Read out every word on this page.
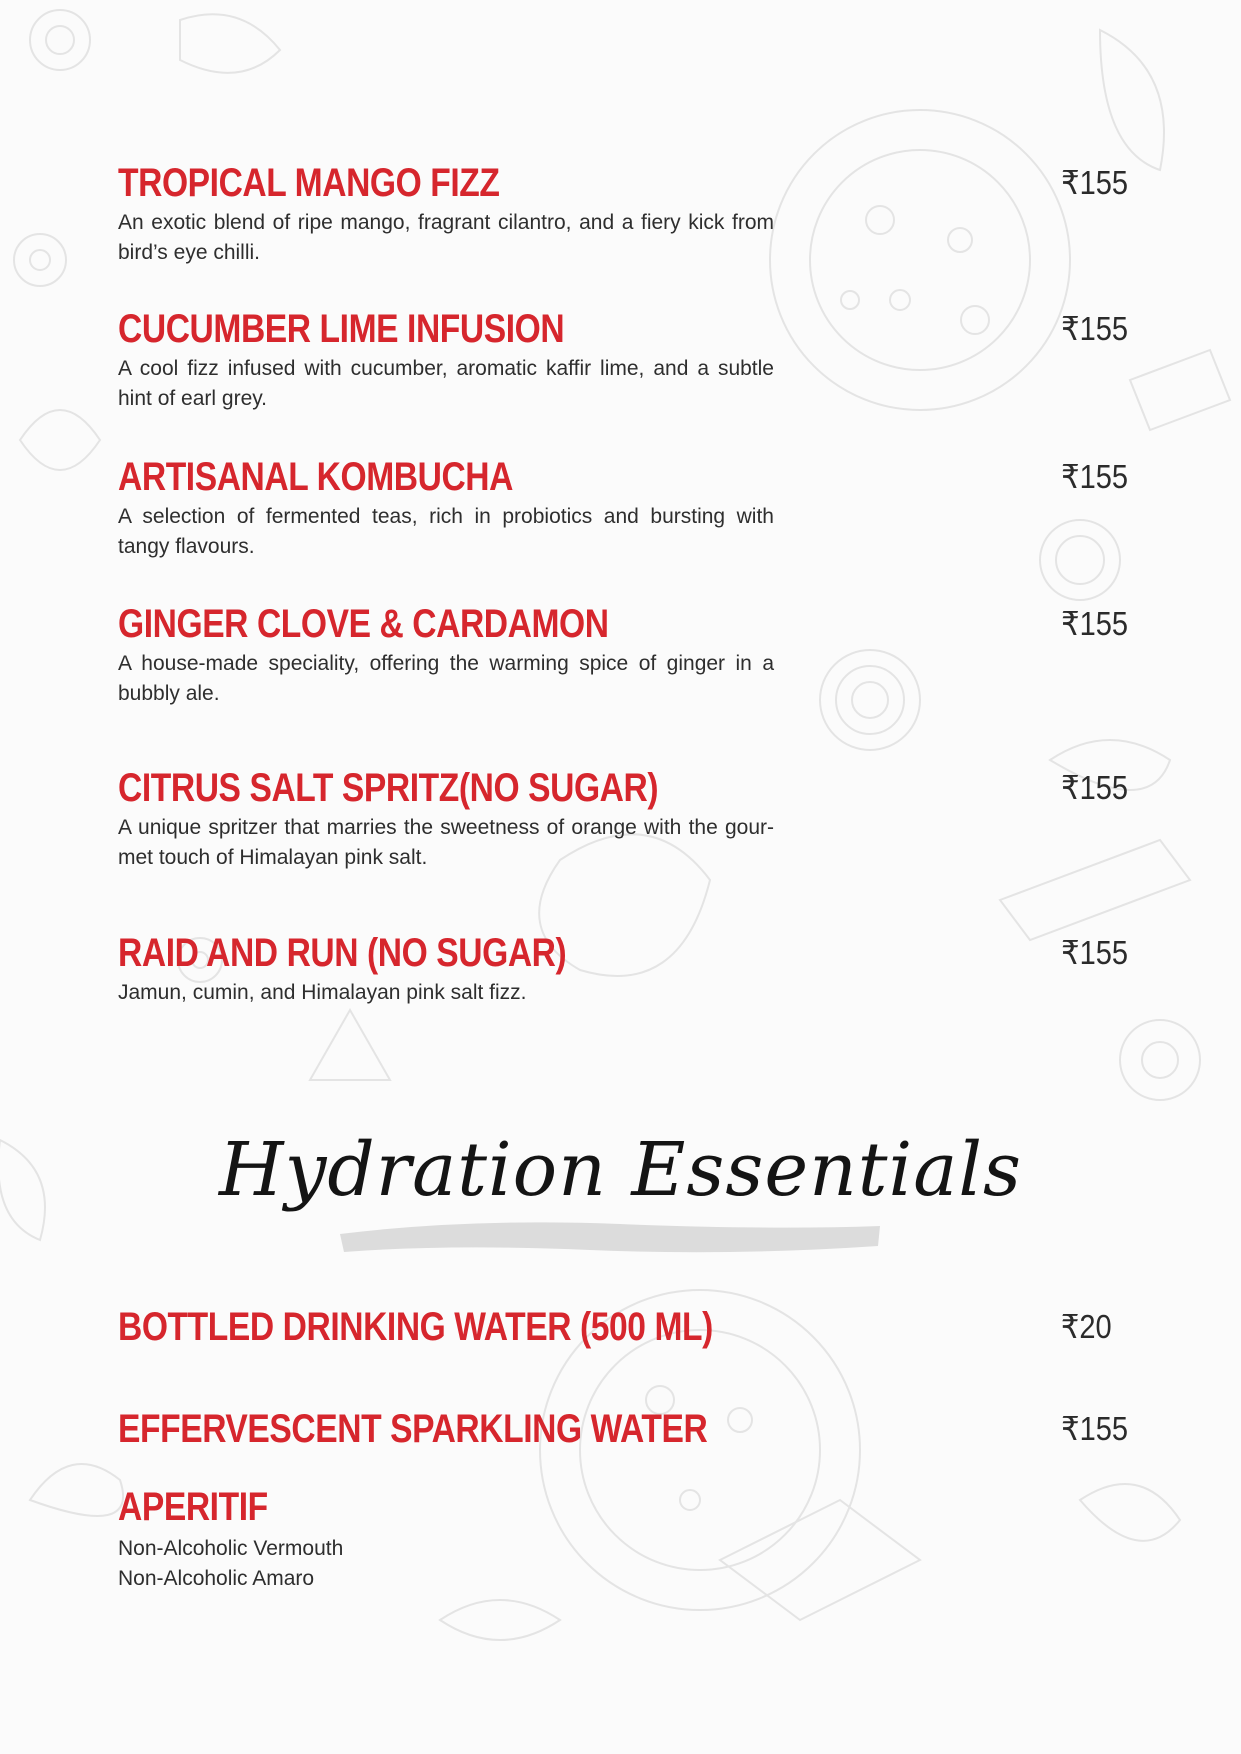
TROPICAL MANGO FIZZ
An exotic blend of ripe mango, fragrant cilantro, and a fiery kick from bird’s eye chilli.
₹155
CUCUMBER LIME INFUSION
A cool fizz infused with cucumber, aromatic kaffir lime, and a subtle hint of earl grey.
₹155
ARTISANAL KOMBUCHA
A selection of fermented teas, rich in probiotics and bursting with tangy flavours.
₹155
GINGER CLOVE & CARDAMON
A house-made speciality, offering the warming spice of ginger in a bubbly ale.
₹155
CITRUS SALT SPRITZ(NO SUGAR)
A unique spritzer that marries the sweetness of orange with the gour-met touch of Himalayan pink salt.
₹155
RAID AND RUN (NO SUGAR)
Jamun, cumin, and Himalayan pink salt fizz.
₹155
Hydration Essentials
BOTTLED DRINKING WATER (500 ML)	₹20
EFFERVESCENT SPARKLING WATER	₹155
APERITIF
Non-Alcoholic Vermouth
Non-Alcoholic Amaro
